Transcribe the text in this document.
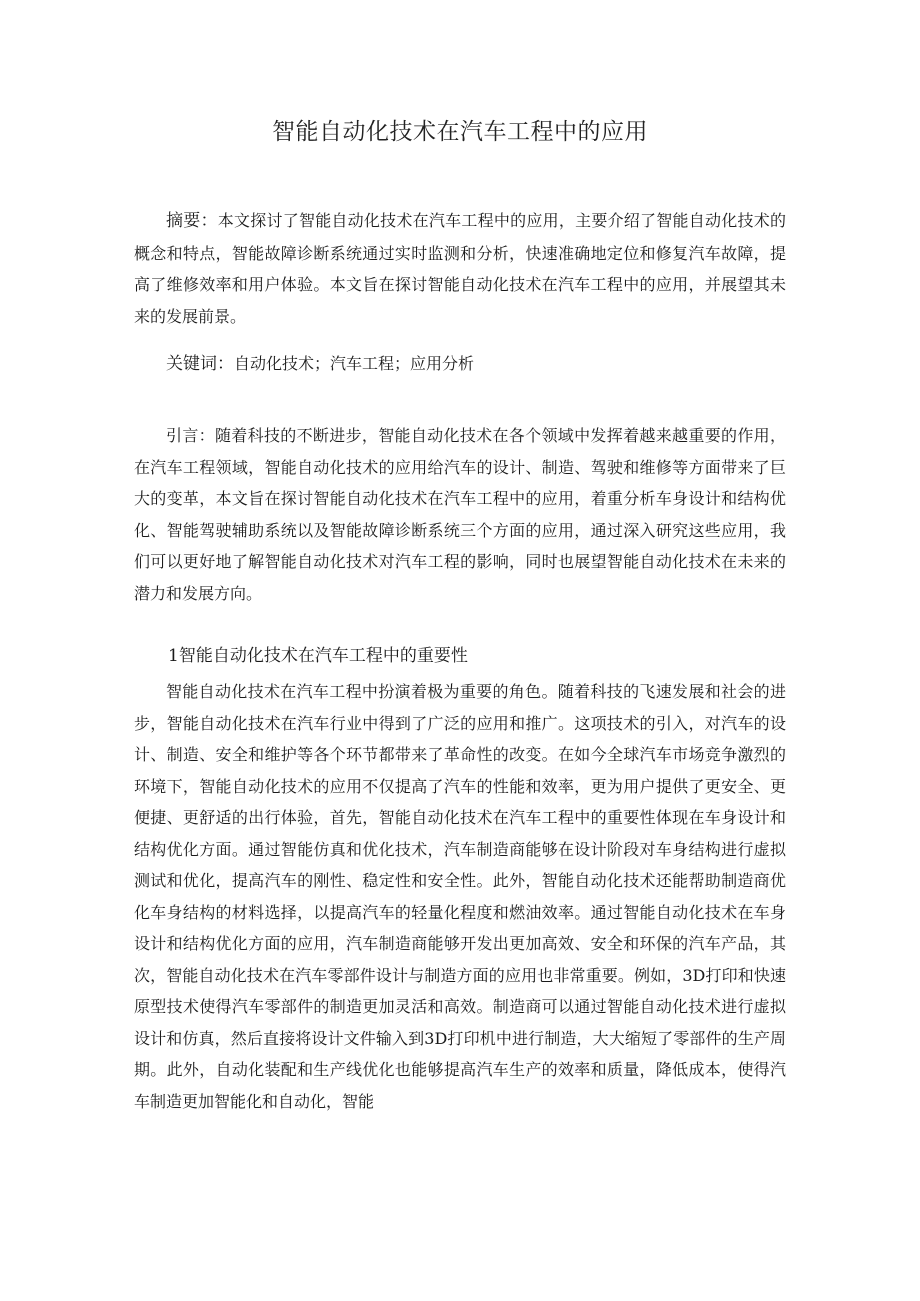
智能自动化技术在汽车工程中的应用

摘要：本文探讨了智能自动化技术在汽车工程中的应用，主要介绍了智能自动化技术的概念和特点，智能故障诊断系统通过实时监测和分析，快速准确地定位和修复汽车故障，提高了维修效率和用户体验。本文旨在探讨智能自动化技术在汽车工程中的应用，并展望其未来的发展前景。

关键词：自动化技术；汽车工程；应用分析

引言：随着科技的不断进步，智能自动化技术在各个领域中发挥着越来越重要的作用，在汽车工程领域，智能自动化技术的应用给汽车的设计、制造、驾驶和维修等方面带来了巨大的变革，本文旨在探讨智能自动化技术在汽车工程中的应用，着重分析车身设计和结构优化、智能驾驶辅助系统以及智能故障诊断系统三个方面的应用，通过深入研究这些应用，我们可以更好地了解智能自动化技术对汽车工程的影响，同时也展望智能自动化技术在未来的潜力和发展方向。

1智能自动化技术在汽车工程中的重要性

智能自动化技术在汽车工程中扮演着极为重要的角色。随着科技的飞速发展和社会的进步，智能自动化技术在汽车行业中得到了广泛的应用和推广。这项技术的引入，对汽车的设计、制造、安全和维护等各个环节都带来了革命性的改变。在如今全球汽车市场竞争激烈的环境下，智能自动化技术的应用不仅提高了汽车的性能和效率，更为用户提供了更安全、更便捷、更舒适的出行体验，首先，智能自动化技术在汽车工程中的重要性体现在车身设计和结构优化方面。通过智能仿真和优化技术，汽车制造商能够在设计阶段对车身结构进行虚拟测试和优化，提高汽车的刚性、稳定性和安全性。此外，智能自动化技术还能帮助制造商优化车身结构的材料选择，以提高汽车的轻量化程度和燃油效率。通过智能自动化技术在车身设计和结构优化方面的应用，汽车制造商能够开发出更加高效、安全和环保的汽车产品，其次，智能自动化技术在汽车零部件设计与制造方面的应用也非常重要。例如，3D打印和快速原型技术使得汽车零部件的制造更加灵活和高效。制造商可以通过智能自动化技术进行虚拟设计和仿真，然后直接将设计文件输入到3D打印机中进行制造，大大缩短了零部件的生产周期。此外，自动化装配和生产线优化也能够提高汽车生产的效率和质量，降低成本，使得汽车制造更加智能化和自动化，智能
